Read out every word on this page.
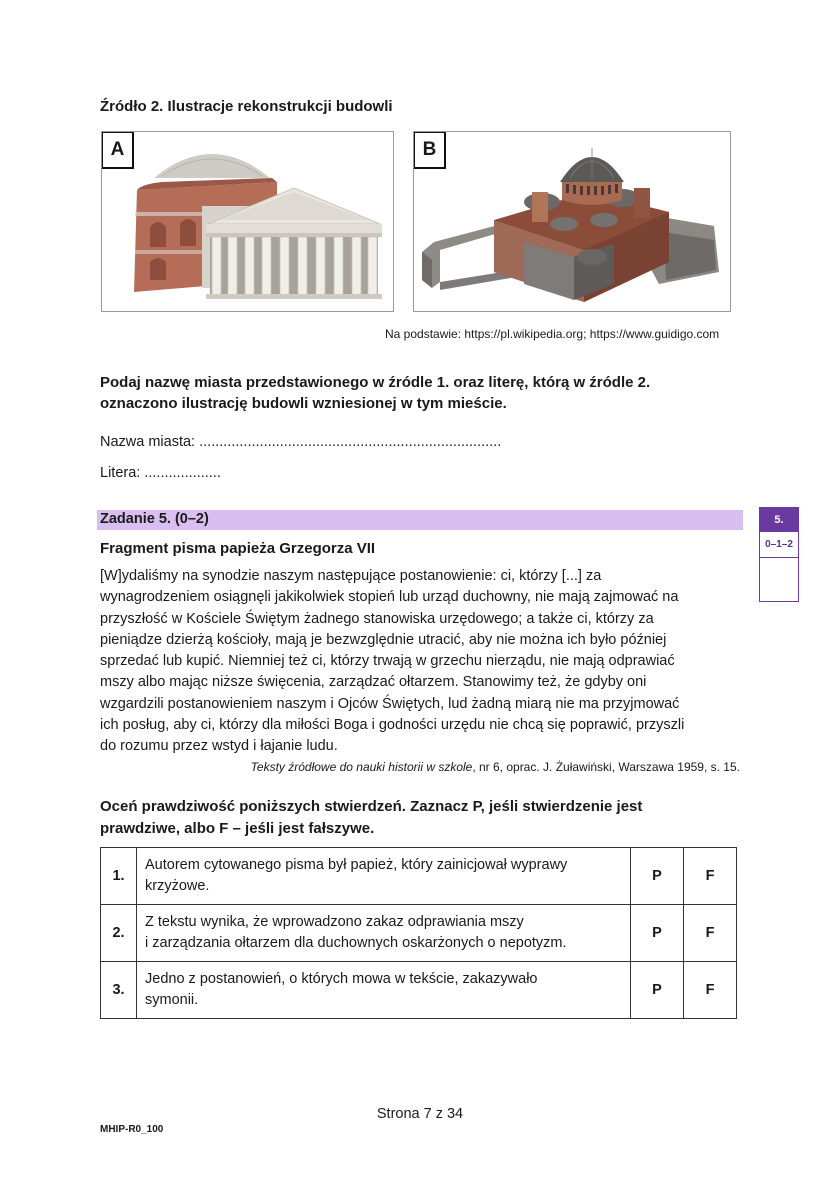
Źródło 2. Ilustracje rekonstrukcji budowli
A	B
Na podstawie: https://pl.wikipedia.org; https://www.guidigo.com
Podaj nazwę miasta przedstawionego w źródle 1. oraz literę, którą w źródle 2.
oznaczono ilustrację budowli wzniesionej w tym mieście.
Nazwa miasta: ...........................................................................
Litera: ...................
Zadanie 5. (0–2)	5.
0–1–2
Fragment pisma papieża Grzegorza VII
[W]ydaliśmy na synodzie naszym następujące postanowienie: ci, którzy [...] za
wynagrodzeniem osiągnęli jakikolwiek stopień lub urząd duchowny, nie mają zajmować na
przyszłość w Kościele Świętym żadnego stanowiska urzędowego; a także ci, którzy za
pieniądze dzierżą kościoły, mają je bezwzględnie utracić, aby nie można ich było później
sprzedać lub kupić. Niemniej też ci, którzy trwają w grzechu nierządu, nie mają odprawiać
mszy albo mając niższe święcenia, zarządzać ołtarzem. Stanowimy też, że gdyby oni
wzgardzili postanowieniem naszym i Ojców Świętych, lud żadną miarą nie ma przyjmować
ich posług, aby ci, którzy dla miłości Boga i godności urzędu nie chcą się poprawić, przyszli
do rozumu przez wstyd i łajanie ludu.
Teksty źródłowe do nauki historii w szkole, nr 6, oprac. J. Żuławiński, Warszawa 1959, s. 15.
Oceń prawdziwość poniższych stwierdzeń. Zaznacz P, jeśli stwierdzenie jest
prawdziwe, albo F – jeśli jest fałszywe.
1.	Autorem cytowanego pisma był papież, który zainicjował wyprawy
krzyżowe.	P	F
2.	Z tekstu wynika, że wprowadzono zakaz odprawiania mszy
i zarządzania ołtarzem dla duchownych oskarżonych o nepotyzm.	P	F
3.	Jedno z postanowień, o których mowa w tekście, zakazywało
symonii.	P	F
Strona 7 z 34
MHIP-R0_100
